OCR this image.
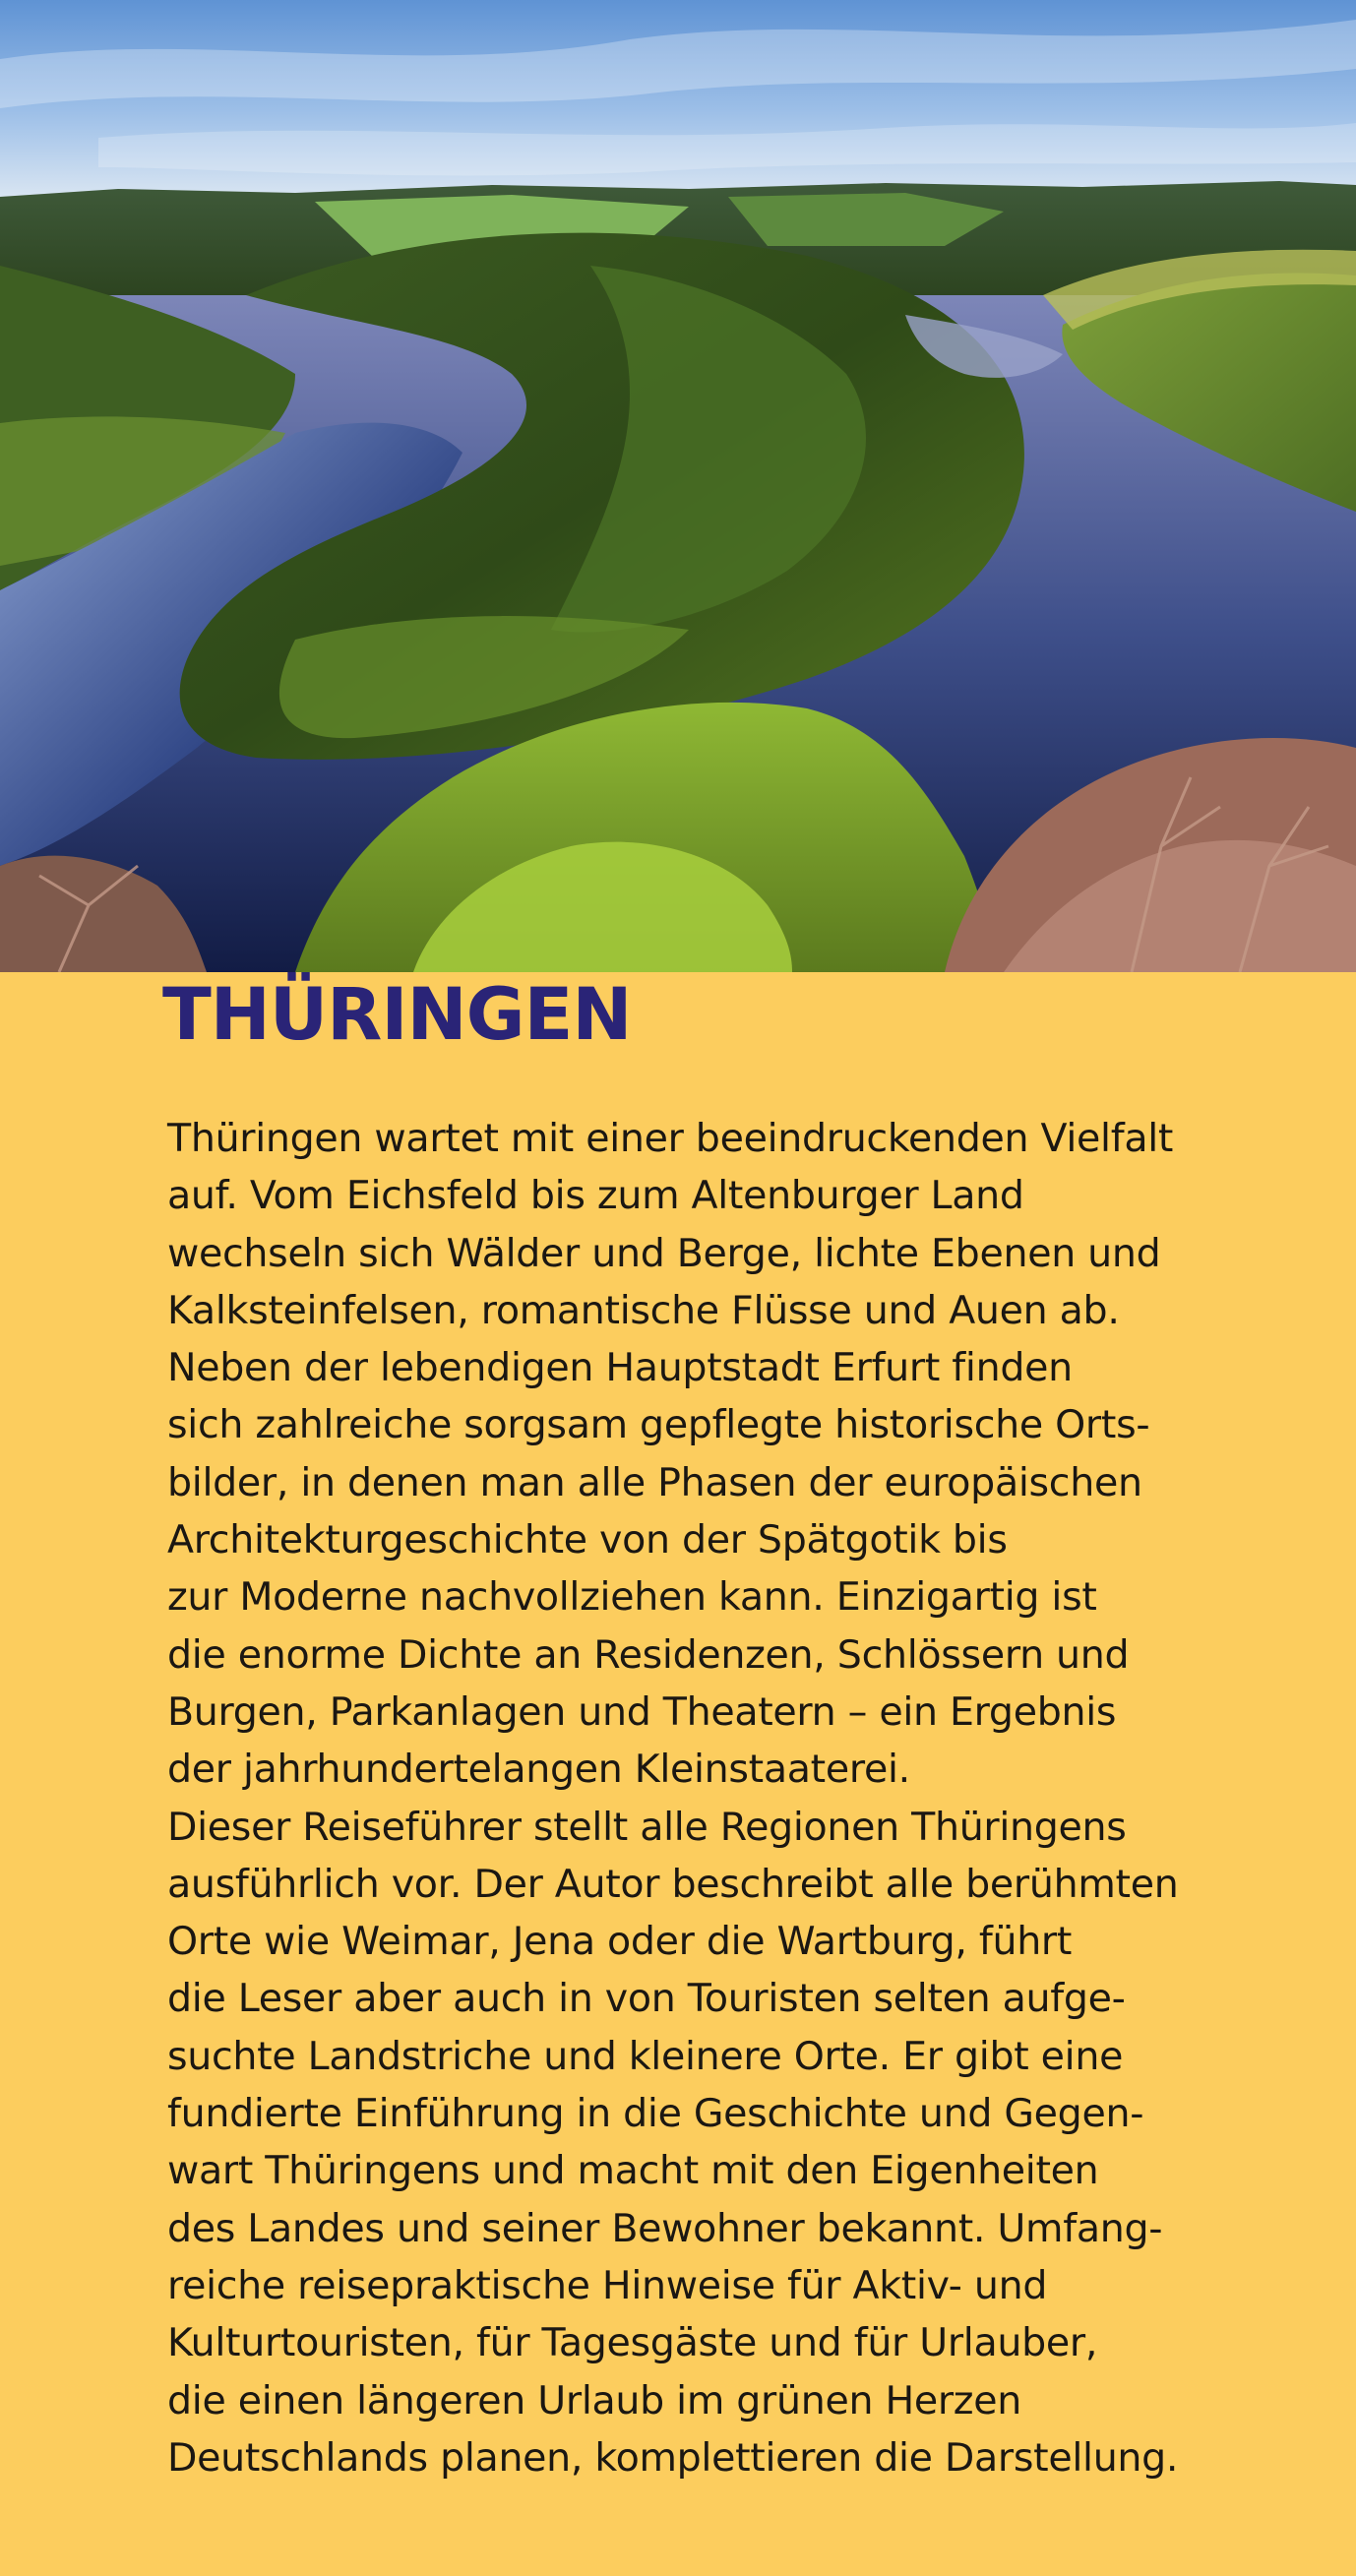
THÜRINGEN
Thüringen wartet mit einer beeindruckenden Vielfalt
auf. Vom Eichsfeld bis zum Altenburger Land
wechseln sich Wälder und Berge, lichte Ebenen und
Kalksteinfelsen, romantische Flüsse und Auen ab.
Neben der lebendigen Hauptstadt Erfurt finden
sich zahlreiche sorgsam gepflegte historische Orts-
bilder, in denen man alle Phasen der europäischen
Architekturgeschichte von der Spätgotik bis
zur Moderne nachvollziehen kann. Einzigartig ist
die enorme Dichte an Residenzen, Schlössern und
Burgen, Parkanlagen und Theatern – ein Ergebnis
der jahrhundertelangen Kleinstaaterei.
Dieser Reiseführer stellt alle Regionen Thüringens
ausführlich vor. Der Autor beschreibt alle berühmten
Orte wie Weimar, Jena oder die Wartburg, führt
die Leser aber auch in von Touristen selten aufge-
suchte Landstriche und kleinere Orte. Er gibt eine
fundierte Einführung in die Geschichte und Gegen-
wart Thüringens und macht mit den Eigenheiten
des Landes und seiner Bewohner bekannt. Umfang-
reiche reisepraktische Hinweise für Aktiv- und
Kulturtouristen, für Tagesgäste und für Urlauber,
die einen längeren Urlaub im grünen Herzen
Deutschlands planen, komplettieren die Darstellung.
